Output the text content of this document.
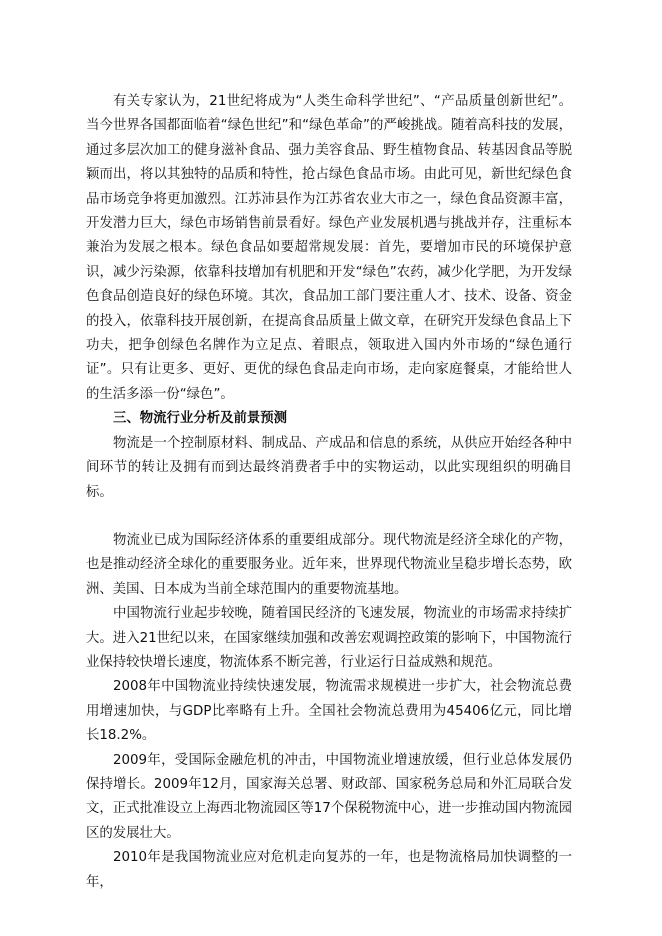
有关专家认为，21世纪将成为“人类生命科学世纪”、“产品质量创新世纪”。当今世界各国都面临着“绿色世纪”和“绿色革命”的严峻挑战。随着高科技的发展，通过多层次加工的健身滋补食品、强力美容食品、野生植物食品、转基因食品等脱颖而出，将以其独特的品质和特性，抢占绿色食品市场。由此可见，新世纪绿色食品市场竞争将更加激烈。江苏沛县作为江苏省农业大市之一，绿色食品资源丰富，开发潜力巨大，绿色市场销售前景看好。绿色产业发展机遇与挑战并存，注重标本兼治为发展之根本。绿色食品如要超常规发展：首先，要增加市民的环境保护意识，减少污染源，依靠科技增加有机肥和开发“绿色”农药，减少化学肥，为开发绿色食品创造良好的绿色环境。其次，食品加工部门要注重人才、技术、设备、资金的投入，依靠科技开展创新，在提高食品质量上做文章，在研究开发绿色食品上下功夫，把争创绿色名牌作为立足点、着眼点，领取进入国内外市场的“绿色通行证”。只有让更多、更好、更优的绿色食品走向市场，走向家庭餐桌，才能给世人的生活多添一份“绿色”。

三、物流行业分析及前景预测

物流是一个控制原材料、制成品、产成品和信息的系统，从供应开始经各种中间环节的转让及拥有而到达最终消费者手中的实物运动，以此实现组织的明确目标。

物流业已成为国际经济体系的重要组成部分。现代物流是经济全球化的产物，也是推动经济全球化的重要服务业。近年来，世界现代物流业呈稳步增长态势，欧洲、美国、日本成为当前全球范围内的重要物流基地。

中国物流行业起步较晚，随着国民经济的飞速发展，物流业的市场需求持续扩大。进入21世纪以来，在国家继续加强和改善宏观调控政策的影响下，中国物流行业保持较快增长速度，物流体系不断完善，行业运行日益成熟和规范。

2008年中国物流业持续快速发展，物流需求规模进一步扩大，社会物流总费用增速加快，与GDP比率略有上升。全国社会物流总费用为45406亿元，同比增长18.2%。

2009年，受国际金融危机的冲击，中国物流业增速放缓，但行业总体发展仍保持增长。2009年12月，国家海关总署、财政部、国家税务总局和外汇局联合发文，正式批准设立上海西北物流园区等17个保税物流中心，进一步推动国内物流园区的发展壮大。

2010年是我国物流业应对危机走向复苏的一年，也是物流格局加快调整的一年，
